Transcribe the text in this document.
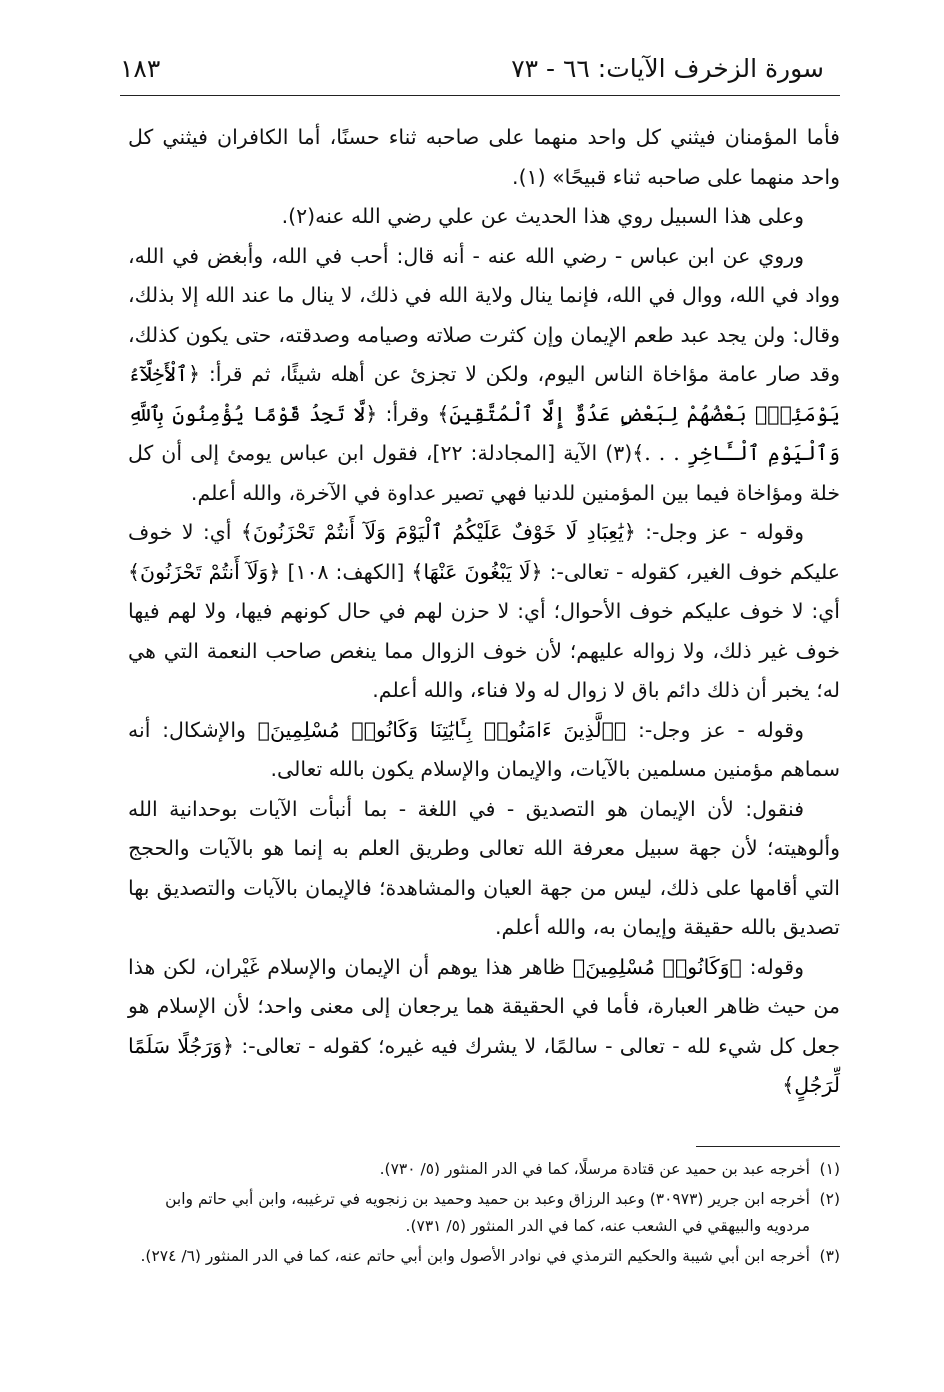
سورة الزخرف الآيات: ٦٦ - ٧٣
١٨٣

فأما المؤمنان فيثني كل واحد منهما على صاحبه ثناء حسنًا، أما الكافران فيثني كل واحد منهما على صاحبه ثناء قبيحًا» (١).

وعلى هذا السبيل روي هذا الحديث عن علي رضي الله عنه(٢).

وروي عن ابن عباس - رضي الله عنه - أنه قال: أحب في الله، وأبغض في الله، وواد في الله، ووال في الله، فإنما ينال ولاية الله في ذلك، لا ينال ما عند الله إلا بذلك، وقال: ولن يجد عبد طعم الإيمان وإن كثرت صلاته وصيامه وصدقته، حتى يكون كذلك، وقد صار عامة مؤاخاة الناس اليوم، ولكن لا تجزئ عن أهله شيئًا، ثم قرأ: ﴿ٱلْأَخِلَّآءُ يَوْمَئِذٍۭ بَعْضُهُمْ لِبَعْضٍ عَدُوٌّ إِلَّا ٱلْمُتَّقِينَ﴾ وقرأ: ﴿لَّا تَجِدُ قَوْمًا يُؤْمِنُونَ بِٱللَّهِ وَٱلْيَوْمِ ٱلْـَٔاخِرِ . . .﴾(٣) الآية [المجادلة: ٢٢]، فقول ابن عباس يومئ إلى أن كل خلة ومؤاخاة فيما بين المؤمنين للدنيا فهي تصير عداوة في الآخرة، والله أعلم.

وقوله - عز وجل-: ﴿يَٰعِبَادِ لَا خَوْفٌ عَلَيْكُمُ ٱلْيَوْمَ وَلَآ أَنتُمْ تَحْزَنُونَ﴾ أي: لا خوف عليكم خوف الغير، كقوله - تعالى-: ﴿لَا يَبْغُونَ عَنْهَا﴾ [الكهف: ١٠٨] ﴿وَلَآ أَنتُمْ تَحْزَنُونَ﴾ أي: لا خوف عليكم خوف الأحوال؛ أي: لا حزن لهم في حال كونهم فيها، ولا لهم فيها خوف غير ذلك، ولا زواله عليهم؛ لأن خوف الزوال مما ينغص صاحب النعمة التي هي له؛ يخبر أن ذلك دائم باق لا زوال له ولا فناء، والله أعلم.

وقوله - عز وجل-: ﴿ٱلَّذِينَ ءَامَنُوا۟ بِـَٔايَٰتِنَا وَكَانُوا۟ مُسْلِمِينَ﴾ والإشكال: أنه سماهم مؤمنين مسلمين بالآيات، والإيمان والإسلام يكون بالله تعالى.

فنقول: لأن الإيمان هو التصديق - في اللغة - بما أنبأت الآيات بوحدانية الله وألوهيته؛ لأن جهة سبيل معرفة الله تعالى وطريق العلم به إنما هو بالآيات والحجج التي أقامها على ذلك، ليس من جهة العيان والمشاهدة؛ فالإيمان بالآيات والتصديق بها تصديق بالله حقيقة وإيمان به، والله أعلم.

وقوله: ﴿وَكَانُوا۟ مُسْلِمِينَ﴾ ظاهر هذا يوهم أن الإيمان والإسلام غَيْران، لكن هذا من حيث ظاهر العبارة، فأما في الحقيقة هما يرجعان إلى معنى واحد؛ لأن الإسلام هو جعل كل شيء لله - تعالى - سالمًا، لا يشرك فيه غيره؛ كقوله - تعالى-: ﴿وَرَجُلًا سَلَمًا لِّرَجُلٍ﴾

(١)
أخرجه عبد بن حميد عن قتادة مرسلًا، كما في الدر المنثور (٥/ ٧٣٠).
(٢)
أخرجه ابن جرير (٣٠٩٧٣) وعبد الرزاق وعبد بن حميد وحميد بن زنجويه في ترغيبه، وابن أبي حاتم وابن مردويه والبيهقي في الشعب عنه، كما في الدر المنثور (٥/ ٧٣١).
(٣)
أخرجه ابن أبي شيبة والحكيم الترمذي في نوادر الأصول وابن أبي حاتم عنه، كما في الدر المنثور (٦/ ٢٧٤).
